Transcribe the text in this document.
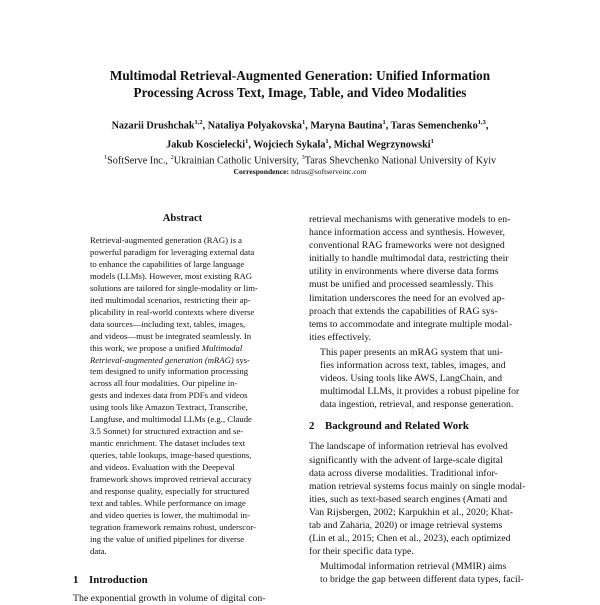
Multimodal Retrieval-Augmented Generation: Unified Information
Processing Across Text, Image, Table, and Video Modalities
Nazarii Drushchak$^{1,2}$, Nataliya Polyakovska$^1$, Maryna Bautina$^1$, Taras Semenchenko$^{1,3}$,
Jakub Koscielecki$^1$, Wojciech Sykala$^1$, Michal Wegrzynowski$^1$
$^1$SoftServe Inc., $^2$Ukrainian Catholic University, $^3$Taras Shevchenko National University of Kyiv
Correspondence: ndrus@softserveinc.com
Abstract
Retrieval-augmented generation (RAG) is a
powerful paradigm for leveraging external data
to enhance the capabilities of large language
models (LLMs). However, most existing RAG
solutions are tailored for single-modality or lim-
ited multimodal scenarios, restricting their ap-
plicability in real-world contexts where diverse
data sources—including text, tables, images,
and videos—must be integrated seamlessly. In
this work, we propose a unified Multimodal
Retrieval-augmented generation (mRAG) sys-
tem designed to unify information processing
across all four modalities. Our pipeline in-
gests and indexes data from PDFs and videos
using tools like Amazon Textract, Transcribe,
Langfuse, and multimodal LLMs (e.g., Claude
3.5 Sonnet) for structured extraction and se-
mantic enrichment. The dataset includes text
queries, table lookups, image-based questions,
and videos. Evaluation with the Deepeval
framework shows improved retrieval accuracy
and response quality, especially for structured
text and tables. While performance on image
and video queries is lower, the multimodal in-
tegration framework remains robust, underscor-
ing the value of unified pipelines for diverse
data.
1 Introduction
The exponential growth in volume of digital con-

retrieval mechanisms with generative models to en-
hance information access and synthesis. However,
conventional RAG frameworks were not designed
initially to handle multimodal data, restricting their
utility in environments where diverse data forms
must be unified and processed seamlessly. This
limitation underscores the need for an evolved ap-
proach that extends the capabilities of RAG sys-
tems to accommodate and integrate multiple modal-
ities effectively.

This paper presents an mRAG system that uni-
fies information across text, tables, images, and
videos. Using tools like AWS, LangChain, and
multimodal LLMs, it provides a robust pipeline for
data ingestion, retrieval, and response generation.

2 Background and Related Work

The landscape of information retrieval has evolved
significantly with the advent of large-scale digital
data across diverse modalities. Traditional infor-
mation retrieval systems focus mainly on single modal-
ities, such as text-based search engines (Amati and
Van Rijsbergen, 2002; Karpukhin et al., 2020; Khat-
tab and Zaharia, 2020) or image retrieval systems
(Lin et al., 2015; Chen et al., 2023), each optimized
for their specific data type.

Multimodal information retrieval (MMIR) aims
to bridge the gap between different data types, facil-
